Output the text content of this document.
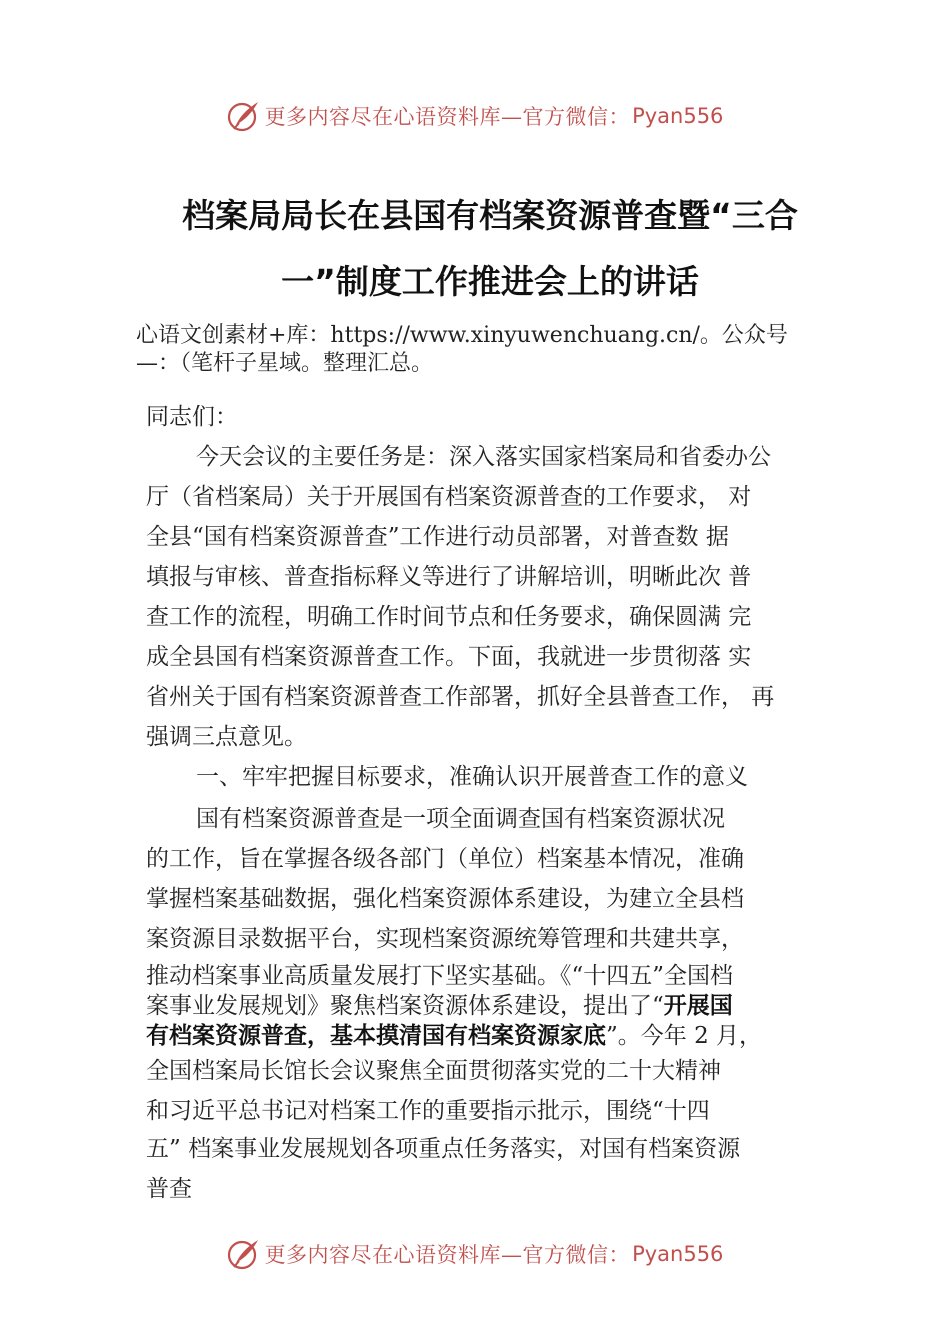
更多内容尽在心语资料库—官方微信： Pyan556
档案局局长在县国有档案资源普查暨“三合
一”制度工作推进会上的讲话
心语文创素材+库：https://www.xinyuwenchuang.cn/。公众号
—：（笔杆子星域。整理汇总。
同志们：
今天会议的主要任务是：深入落实国家档案局和省委办公
厅（省档案局）关于开展国有档案资源普查的工作要求， 对
全县“国有档案资源普查”工作进行动员部署，对普查数 据
填报与审核、普查指标释义等进行了讲解培训，明晰此次 普
查工作的流程，明确工作时间节点和任务要求，确保圆满 完
成全县国有档案资源普查工作。下面，我就进一步贯彻落 实
省州关于国有档案资源普查工作部署，抓好全县普查工作， 再
强调三点意见。
一、牢牢把握目标要求，准确认识开展普查工作的意义
国有档案资源普查是一项全面调查国有档案资源状况
的工作，旨在掌握各级各部门（单位）档案基本情况，准确
掌握档案基础数据，强化档案资源体系建设，为建立全县档
案资源目录数据平台，实现档案资源统筹管理和共建共享，
推动档案事业高质量发展打下坚实基础。《“十四五”全国档
案事业发展规划》聚焦档案资源体系建设，提出了“开展国
有档案资源普查，基本摸清国有档案资源家底”。今年 2 月，
全国档案局长馆长会议聚焦全面贯彻落实党的二十大精神
和习近平总书记对档案工作的重要指示批示，围绕“十四
五” 档案事业发展规划各项重点任务落实，对国有档案资源
普查
更多内容尽在心语资料库—官方微信： Pyan556
